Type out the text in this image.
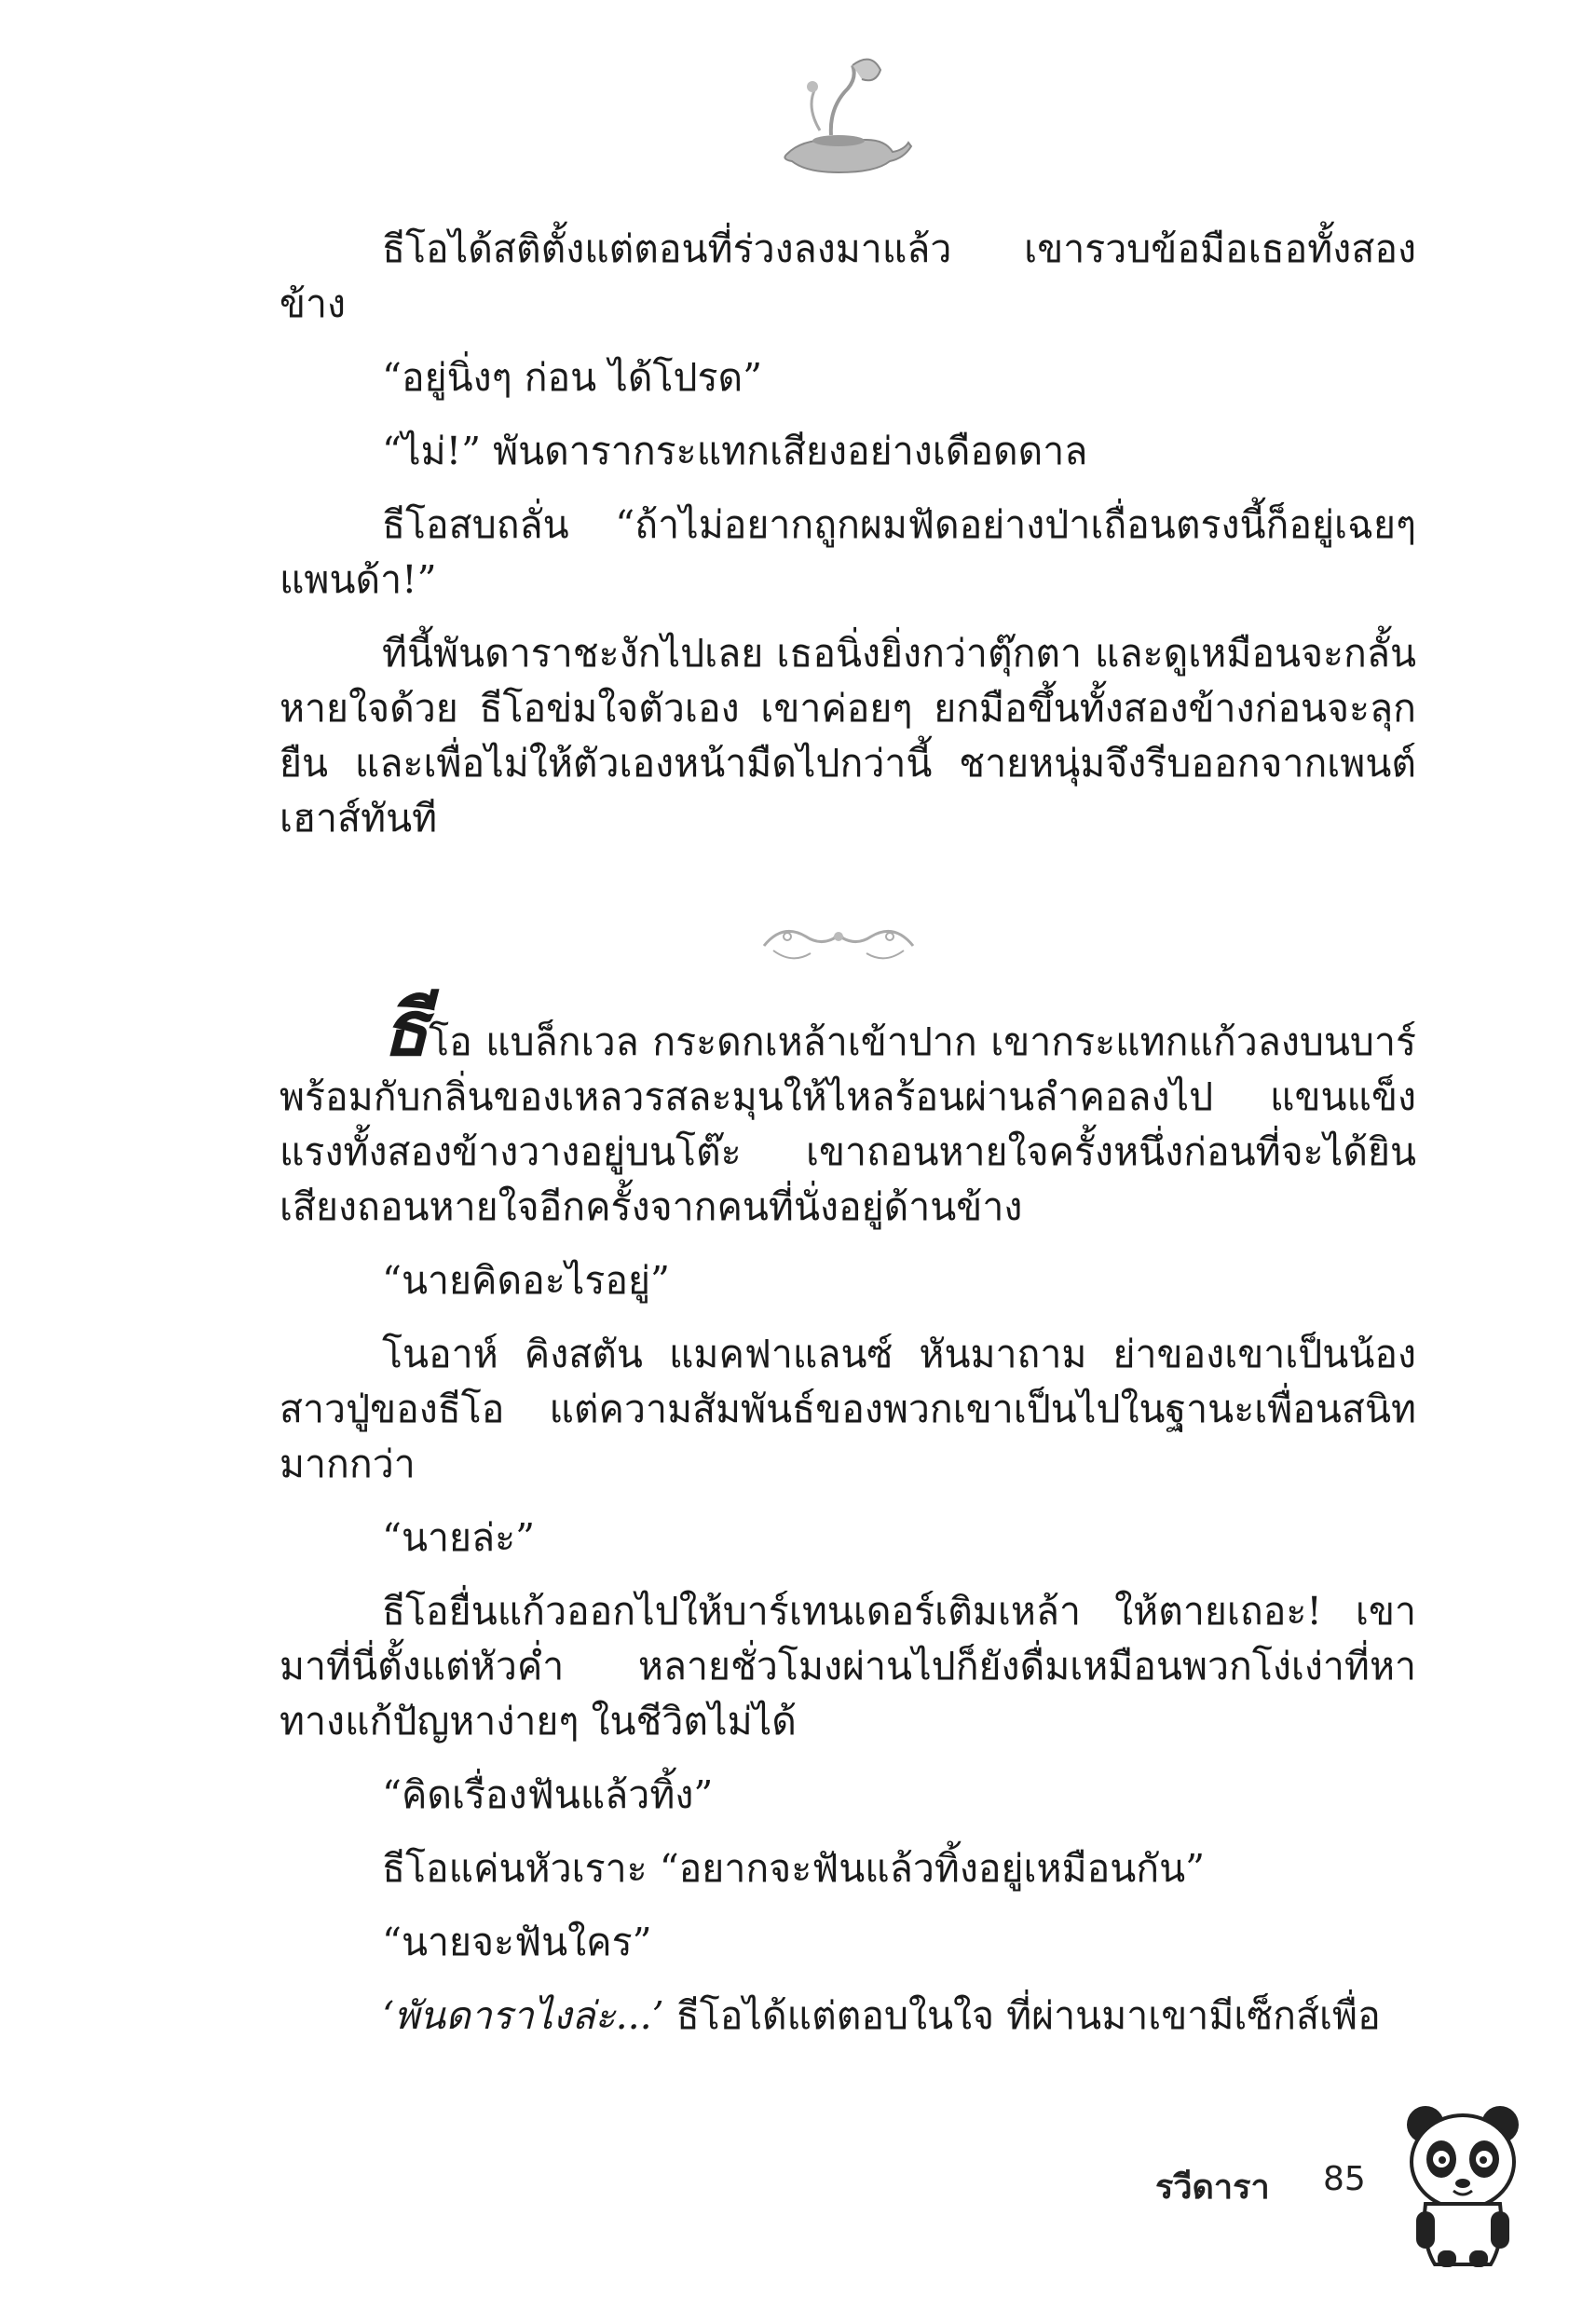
ธีโอได้สติตั้งแต่ตอนที่ร่วงลงมาแล้ว เขารวบข้อมือเธอทั้งสองข้าง

“อยู่นิ่งๆ ก่อน ได้โปรด”

“ไม่!” พันดารากระแทกเสียงอย่างเดือดดาล

ธีโอสบถลั่น “ถ้าไม่อยากถูกผมฟัดอย่างป่าเถื่อนตรงนี้ก็อยู่เฉยๆ แพนด้า!”

ทีนี้พันดาราชะงักไปเลย เธอนิ่งยิ่งกว่าตุ๊กตา และดูเหมือนจะกลั้นหายใจด้วย ธีโอข่มใจตัวเอง เขาค่อยๆ ยกมือขึ้นทั้งสองข้างก่อนจะลุกยืน และเพื่อไม่ให้ตัวเองหน้ามืดไปกว่านี้ ชายหนุ่มจึงรีบออกจากเพนต์เฮาส์ทันที

ธีโอ แบล็กเวล กระดกเหล้าเข้าปาก เขากระแทกแก้วลงบนบาร์พร้อมกับกลิ่นของเหลวรสละมุนให้ไหลร้อนผ่านลำคอลงไป แขนแข็งแรงทั้งสองข้างวางอยู่บนโต๊ะ เขาถอนหายใจครั้งหนึ่งก่อนที่จะได้ยินเสียงถอนหายใจอีกครั้งจากคนที่นั่งอยู่ด้านข้าง

“นายคิดอะไรอยู่”

โนอาห์ คิงสตัน แมคฟาแลนซ์ หันมาถาม ย่าของเขาเป็นน้องสาวปู่ของธีโอ แต่ความสัมพันธ์ของพวกเขาเป็นไปในฐานะเพื่อนสนิทมากกว่า

“นายล่ะ”

ธีโอยื่นแก้วออกไปให้บาร์เทนเดอร์เติมเหล้า ให้ตายเถอะ! เขามาที่นี่ตั้งแต่หัวค่ำ หลายชั่วโมงผ่านไปก็ยังดื่มเหมือนพวกโง่เง่าที่หาทางแก้ปัญหาง่ายๆ ในชีวิตไม่ได้

“คิดเรื่องฟันแล้วทิ้ง”

ธีโอแค่นหัวเราะ “อยากจะฟันแล้วทิ้งอยู่เหมือนกัน”

“นายจะฟันใคร”

‘พันดาราไงล่ะ...’ ธีโอได้แต่ตอบในใจ ที่ผ่านมาเขามีเซ็กส์เพื่อ

รวีดารา 85
